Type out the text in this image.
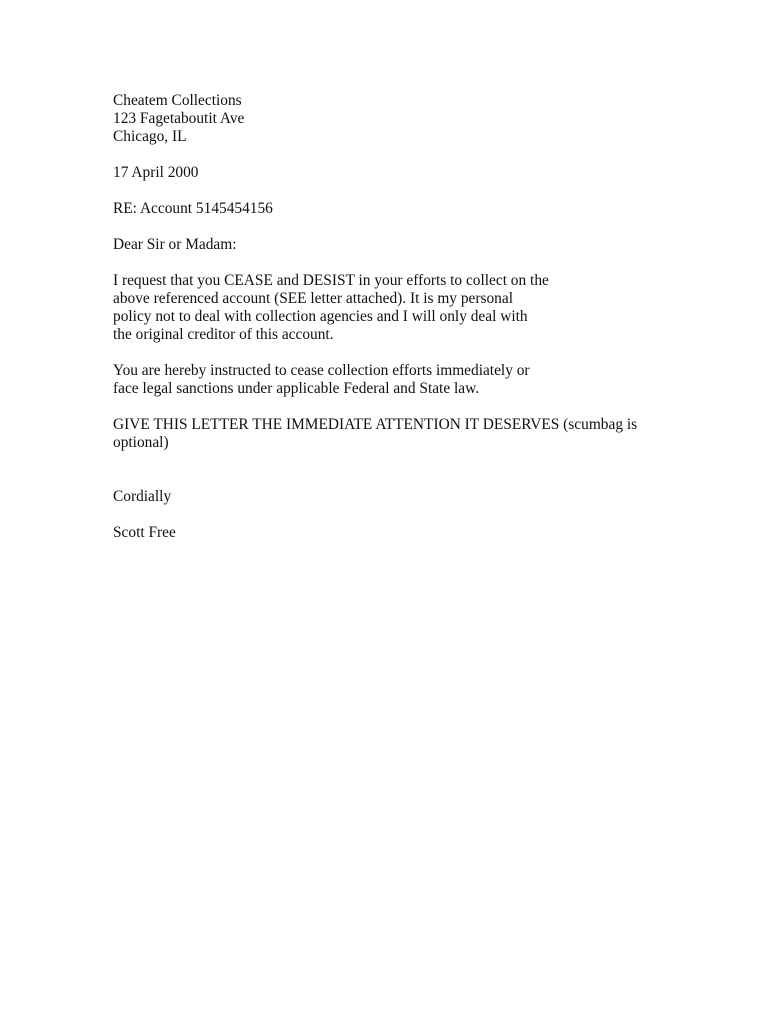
Cheatem Collections
123 Fagetaboutit Ave
Chicago, IL
17 April 2000
RE: Account 5145454156
Dear Sir or Madam:

I request that you CEASE and DESIST in your efforts to collect on the
above referenced account (SEE letter attached). It is my personal
policy not to deal with collection agencies and I will only deal with
the original creditor of this account.

You are hereby instructed to cease collection efforts immediately or
face legal sanctions under applicable Federal and State law.

GIVE THIS LETTER THE IMMEDIATE ATTENTION IT DESERVES (scumbag is optional)

Cordially
Scott Free
